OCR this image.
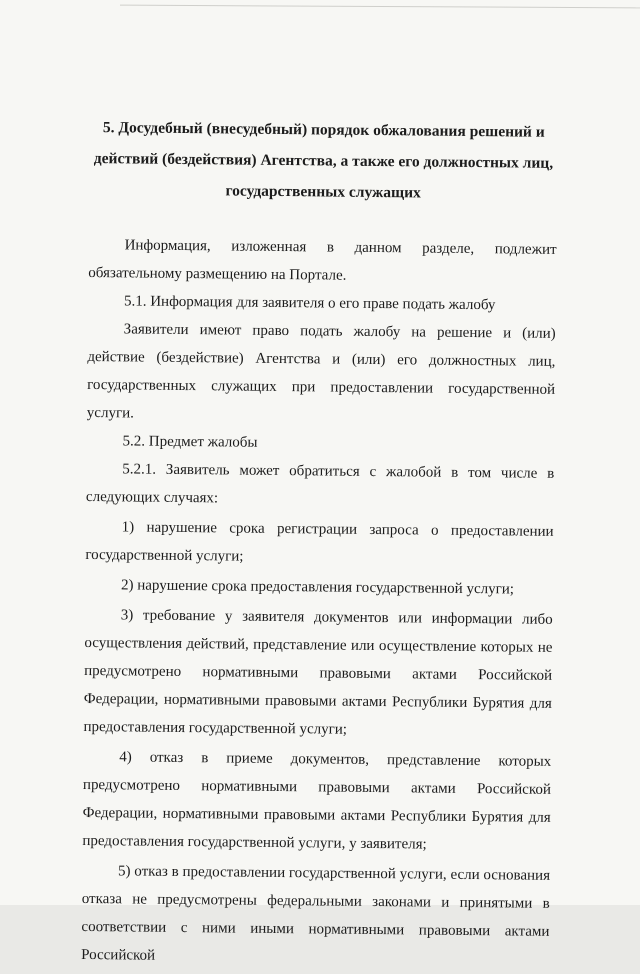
5. Досудебный (внесудебный) порядок обжалования решений и
действий (бездействия) Агентства, а также его должностных лиц,
государственных служащих

Информация, изложенная в данном разделе, подлежит обязательному размещению на Портале.

5.1. Информация для заявителя о его праве подать жалобу

Заявители имеют право подать жалобу на решение и (или) действие (бездействие) Агентства и (или) его должностных лиц, государственных служащих при предоставлении государственной услуги.

5.2. Предмет жалобы

5.2.1. Заявитель может обратиться с жалобой в том числе в следующих случаях:

1) нарушение срока регистрации запроса о предоставлении государственной услуги;

2) нарушение срока предоставления государственной услуги;

3) требование у заявителя документов или информации либо осуществления действий, представление или осуществление которых не предусмотрено нормативными правовыми актами Российской Федерации, нормативными правовыми актами Республики Бурятия для предоставления государственной услуги;

4) отказ в приеме документов, представление которых предусмотрено нормативными правовыми актами Российской Федерации, нормативными правовыми актами Республики Бурятия для предоставления государственной услуги, у заявителя;

5) отказ в предоставлении государственной услуги, если основания отказа не предусмотрены федеральными законами и принятыми в соответствии с ними иными нормативными правовыми актами Российской
